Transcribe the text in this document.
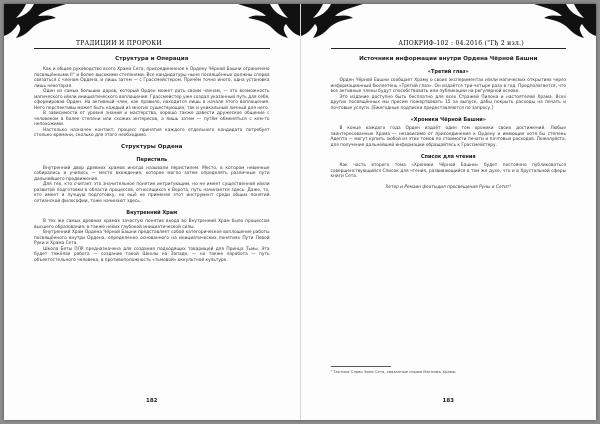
ТРАДИЦИИ И ПРОРОКИ
Структура и Операция

Как и общее руководство всего Храма Сета, присоединенное к Ордену Чёрной Башни ограничено посвящёнными II° и более высокими степенями. Все кандидатуры ныне посвящённых должны сперва связаться с членом Ордена, и лишь затем — с Грассмейстером. Причём точно иного, одна установка лишь некоторая.

Один из самых больших даров, который Орден может дать своим членам, — это возможность магического и/или инициатического воплощения. Грассмейстер уже создал указанный путь для себя, сформировав Орден. На активный член, как правило, находится лишь в начале этого воплощения. Него перспективы может быть каждый из многих существующих, так и уникальный личный для него.

В зависимости от уровня знаний и мастерства, хорошо также давести дружеское общение с человеком в более степени или схожих интересов, а лишь затем — путём обменяться с кем-то непохожими.

Настолько назначен контакт, процесс принятия каждого отдельного кандидата потребует столько времени, сколько для этого необходимо.

Структуры Ордена
Перистиль

Внутренний двор древних храмов иногда называли перистилем. Место, в котором невинные собирались и учились — место вхождения, которое могло затем определять различные пути дальнейшего продвижения.

Для тех, кто считает это значительное понятие интригующим, но не имеет существенной и/или развитой подготовки в области процессов, относящихся к Ворота, путь начинается здесь. Даже, то, кто имеет и лучшую подготовку, но ещё не применял этот инструмент среди общих понятий сетианской философии, тоже начинают здесь.

Внутренний Храм

В тех же самых древних храмах зачастую понятие входа во Внутренний Храм было процессом высшего образования, в также неких глубокой инициатической силы.

Внутренний Храм Ордена Чёрной Башни представляет собой категорическое воплощение работы посвящённого внутри Ордена, определенно основанного на инициатических понятиях Пути Левой Руки и Храма Сета.

Школа Беты ПЛР предназначена для создания подходящих товарищей для Принца Тьмы. Эта будет тяжёлая работа — создание такой Школы на Западе, — но также ларабота — путь объектостельного человека, в противоположность «тьмовой» оккультной культуре.

182
АПОКРИФ-102 : 04.2016 ("Гђ 2 изл.)
Источники информации внутри Ордена Чёрной Башни
«Третий глаз»

Орден Чёрной Башни сообщает Храму о своих экспериментах и/или магических открытиях через информационный бюллетень «Третий глаз». Он издаётся три-четыре раза в год. Предполагается, что все активные члены будут способствовать или публикации на регулярной основе.

Это издание доступно быть бесплатно для всех Стражей Пилона и настоятелей Храма. Всех других посвящённых мы просим пожертвовать 15 за выпуск, дабы покрыть расходы на печать и почтовые услуги. [Ежегодные подписки предоставляются по запросу.]

«Хроники Чёрной Башни»

В конце каждого года Орден издаёт один том хроники своих достижений. Любые заинтересованные Храма — независимо от присоединения к Ордену и имеющие хотя бы степень Адепта — могут купить любой из этих томов по стоимости печати и почтовых расходов. Пожалуйста, для получения дальнейшей информации обращайтесь к Грассмейстеру.

Список для чтения

Как часть второго тома «Хроники Чёрной Башни» будет постоянно публиковаться совершенствующийся Список для чтения, развивающийся в том же духе, что и в Хрустальной сферы книги Сета.

Хетер и Ремаин феатыдил просвещения Руны и Сетит¹

¹ Тактика Слово Эона Сета, связанные изыми Магнамъ Храма.
183
